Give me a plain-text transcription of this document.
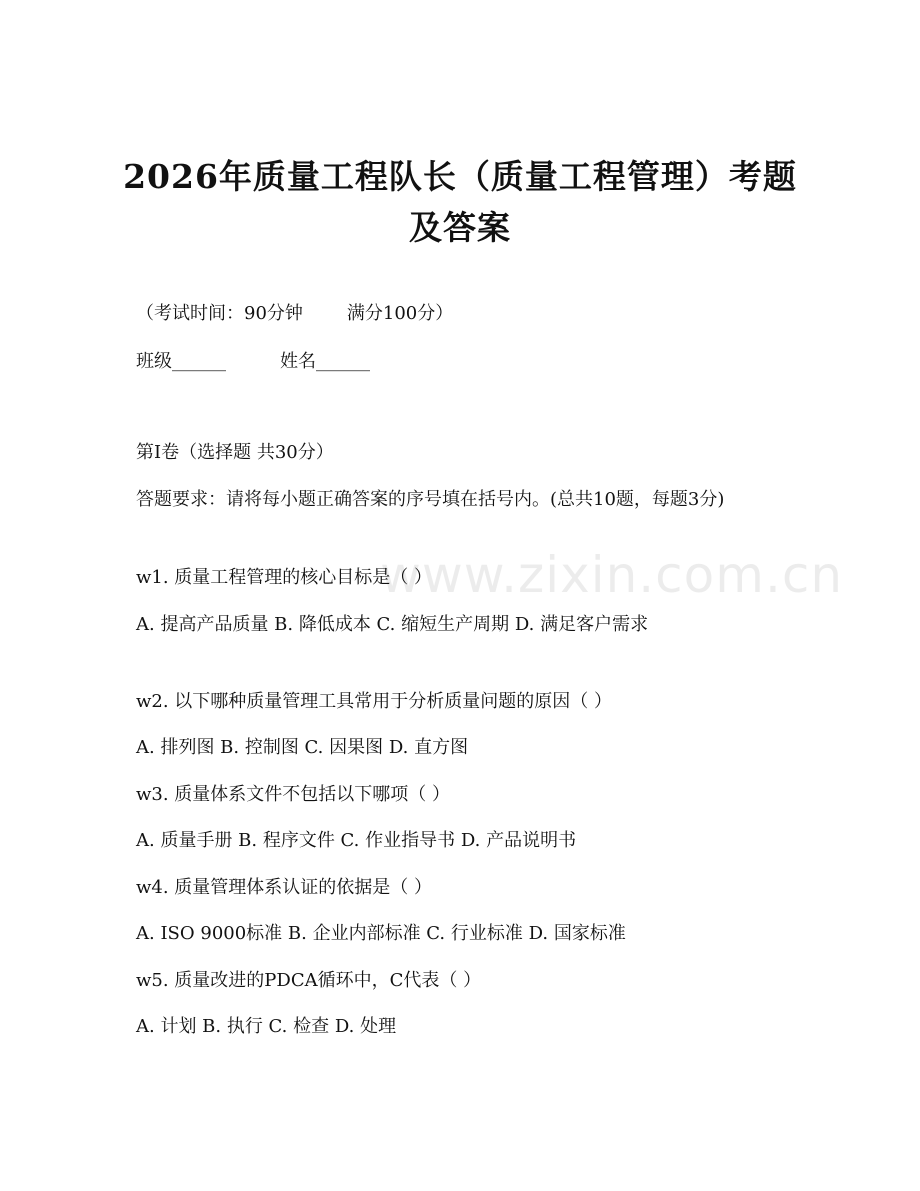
2026年质量工程队长（质量工程管理）考题
及答案
（考试时间：90分钟 满分100分）
班级______	姓名______
第I卷（选择题 共30分）
答题要求：请将每小题正确答案的序号填在括号内。(总共10题，每题3分)
w1. 质量工程管理的核心目标是（ ）
A. 提高产品质量 B. 降低成本 C. 缩短生产周期 D. 满足客户需求
w2. 以下哪种质量管理工具常用于分析质量问题的原因（ ）
A. 排列图 B. 控制图 C. 因果图 D. 直方图
w3. 质量体系文件不包括以下哪项（ ）
A. 质量手册 B. 程序文件 C. 作业指导书 D. 产品说明书
w4. 质量管理体系认证的依据是（ ）
A. ISO 9000标准 B. 企业内部标准 C. 行业标准 D. 国家标准
w5. 质量改进的PDCA循环中，C代表（ ）
A. 计划 B. 执行 C. 检查 D. 处理
www.zixin.com.cn
